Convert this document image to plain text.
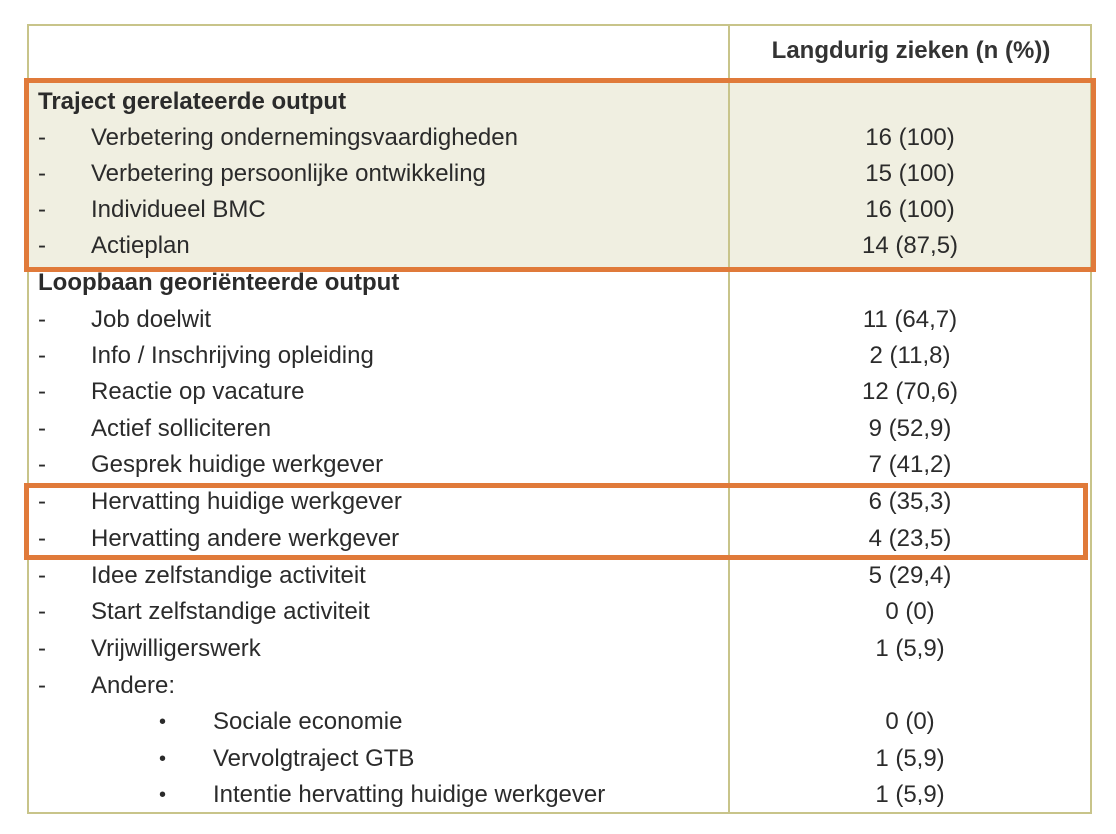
Langdurig zieken (n (%))
Traject gerelateerde output
- Verbetering ondernemingsvaardigheden	16 (100)
- Verbetering persoonlijke ontwikkeling	15 (100)
- Individueel BMC	16 (100)
- Actieplan	14 (87,5)
Loopbaan georiënteerde output
- Job doelwit	11 (64,7)
- Info / Inschrijving opleiding	2 (11,8)
- Reactie op vacature	12 (70,6)
- Actief solliciteren	9 (52,9)
- Gesprek huidige werkgever	7 (41,2)
- Hervatting huidige werkgever	6 (35,3)
- Hervatting andere werkgever	4 (23,5)
- Idee zelfstandige activiteit	5 (29,4)
- Start zelfstandige activiteit	0 (0)
- Vrijwilligerswerk	1 (5,9)
- Andere:
• Sociale economie	0 (0)
• Vervolgtraject GTB	1 (5,9)
• Intentie hervatting huidige werkgever	1 (5,9)
